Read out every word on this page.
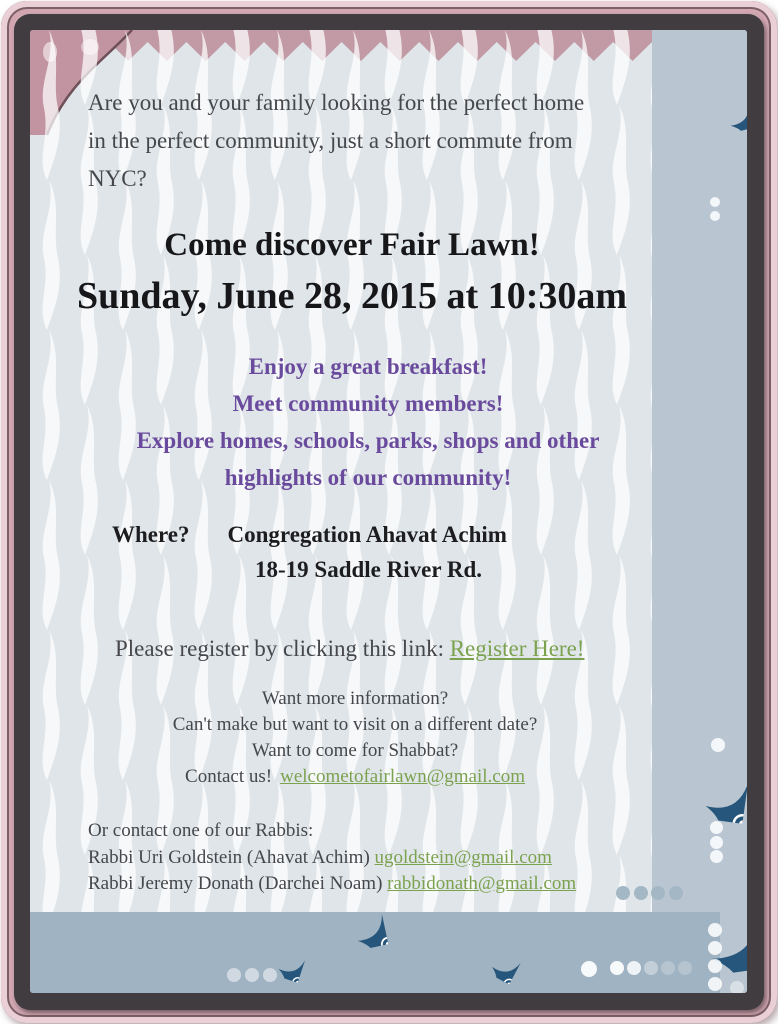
Are you and your family looking for the perfect home in the perfect community, just a short commute from NYC?
Come discover Fair Lawn!
Sunday, June 28, 2015 at 10:30am

Enjoy a great breakfast!

Meet community members!

Explore homes, schools, parks, shops and other highlights of our community!

Where? Congregation Ahavat Achim
18-19 Saddle River Rd.
Please register by clicking this link: Register Here!

Want more information?

Can't make but want to visit on a different date?

Want to come for Shabbat?

Contact us! welcometofairlawn@gmail.com

Or contact one of our Rabbis:

Rabbi Uri Goldstein (Ahavat Achim) ugoldstein@gmail.com

Rabbi Jeremy Donath (Darchei Noam) rabbidonath@gmail.com
